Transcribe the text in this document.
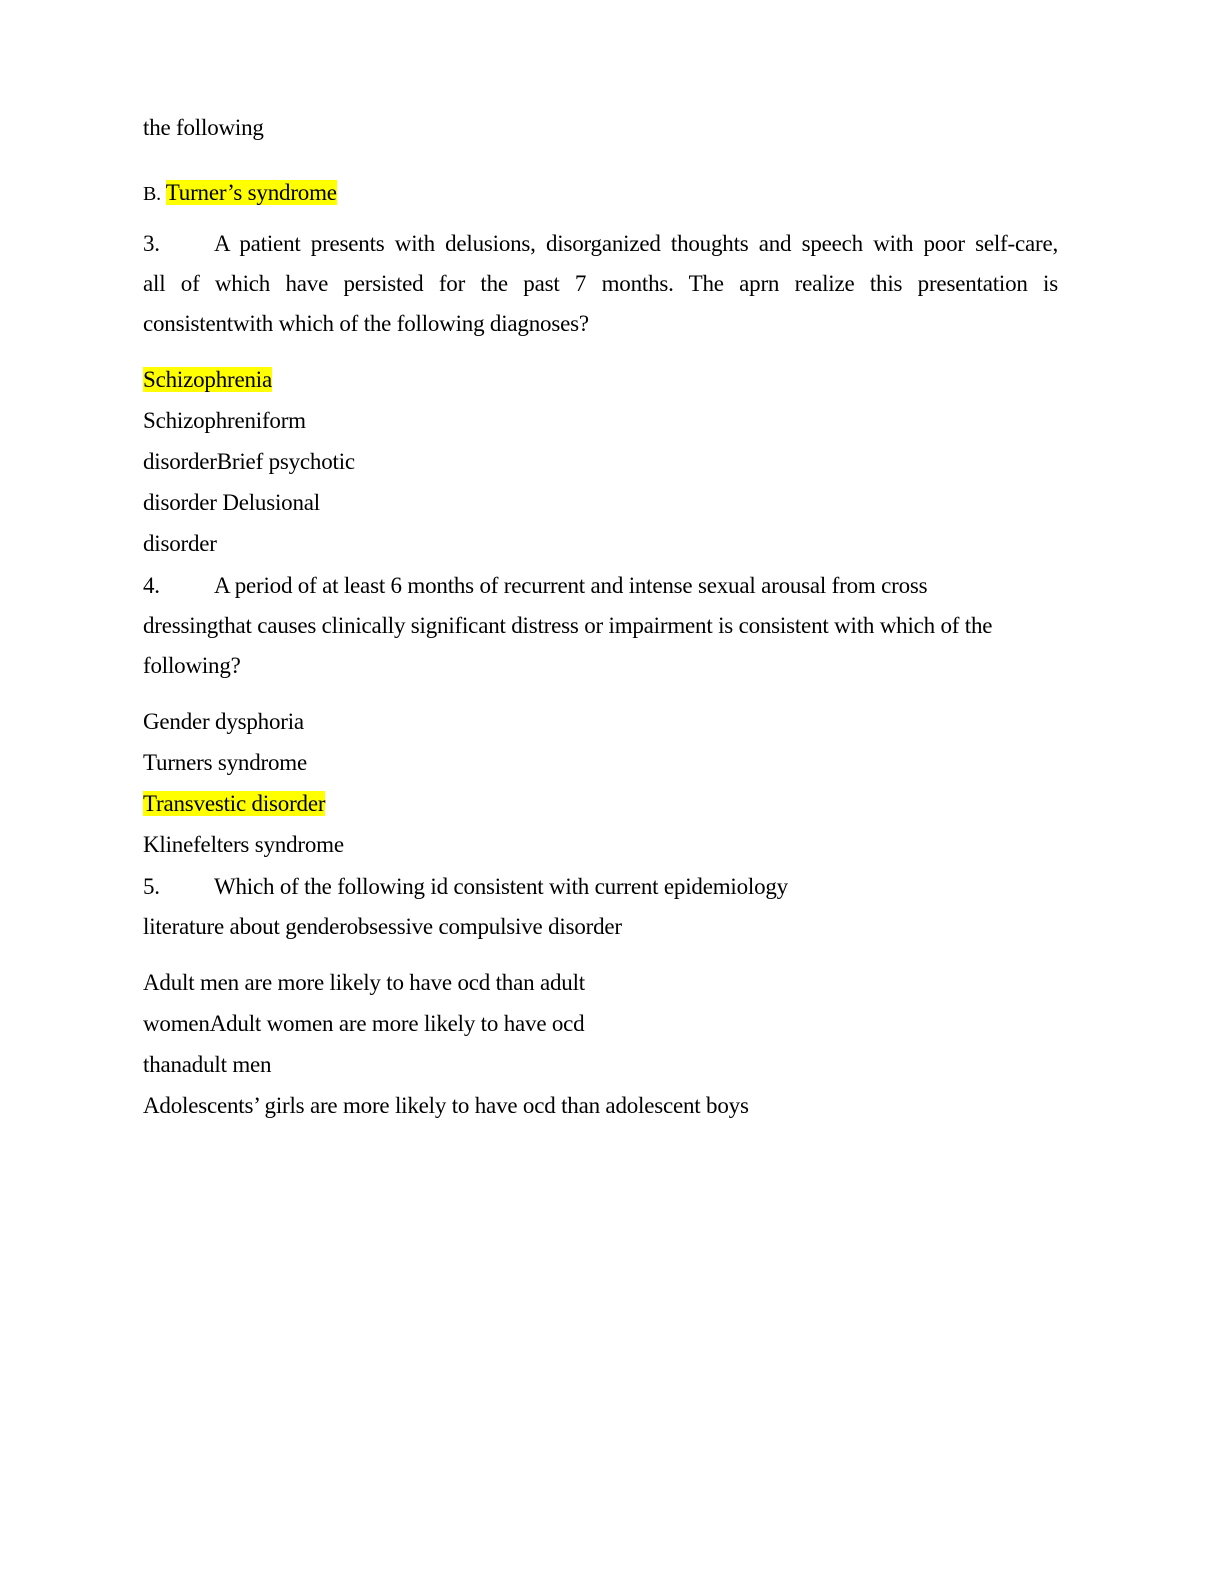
the following
B. Turner’s syndrome
3. A patient presents with delusions, disorganized thoughts and speech with poor self-care,
all of which have persisted for the past 7 months. The aprn realize this presentation is
consistentwith which of the following diagnoses?
Schizophrenia
Schizophreniform
disorderBrief psychotic
disorder Delusional
disorder
4. A period of at least 6 months of recurrent and intense sexual arousal from cross
dressingthat causes clinically significant distress or impairment is consistent with which of the
following?
Gender dysphoria
Turners syndrome
Transvestic disorder
Klinefelters syndrome
5. Which of the following id consistent with current epidemiology
literature about genderobsessive compulsive disorder
Adult men are more likely to have ocd than adult
womenAdult women are more likely to have ocd
thanadult men
Adolescents’ girls are more likely to have ocd than adolescent boys
